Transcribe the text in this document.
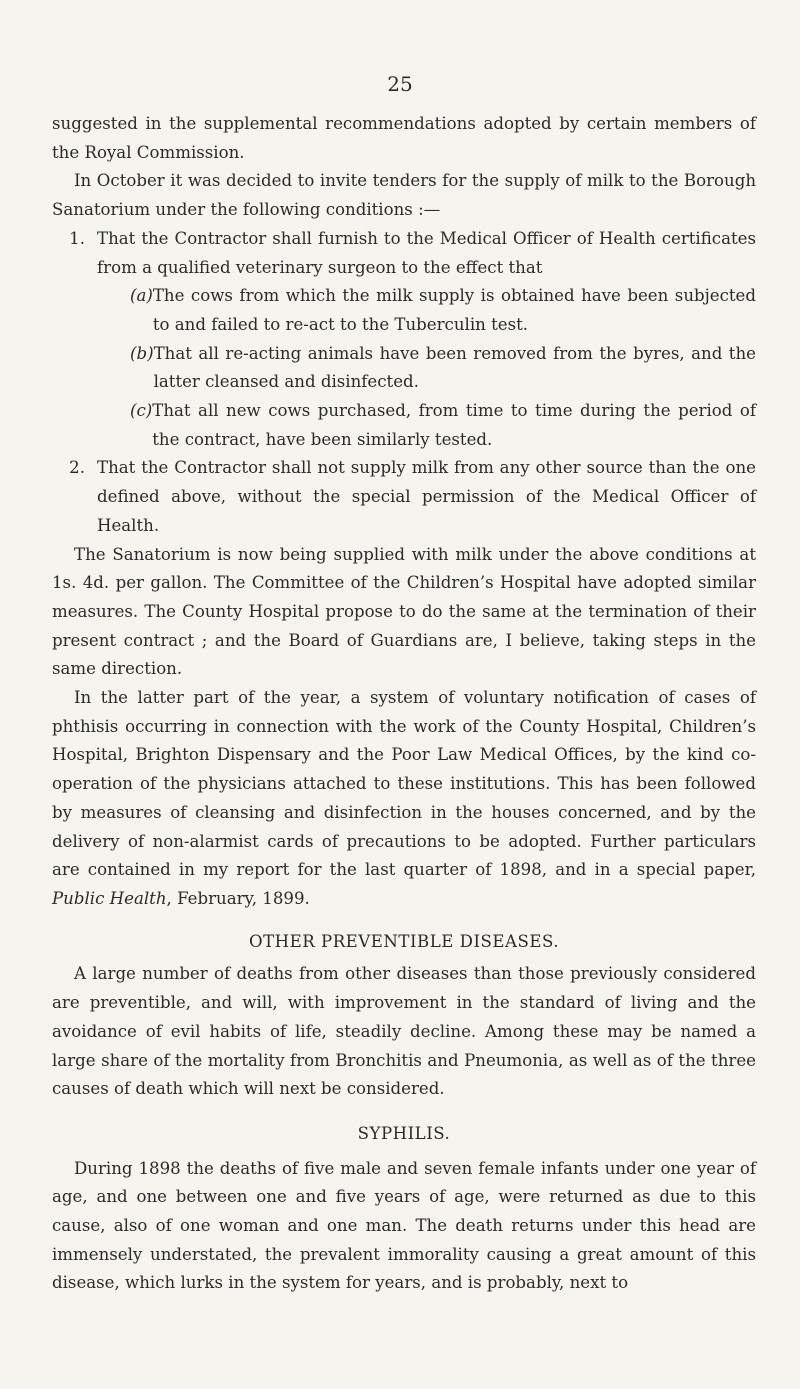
25

suggested in the supplemental recommendations adopted by certain members of the Royal Commission.

In October it was decided to invite tenders for the supply of milk to the Borough Sanatorium under the following conditions :—

1. That the Contractor shall furnish to the Medical Officer of Health certificates from a qualified veterinary surgeon to the effect that
(a) The cows from which the milk supply is obtained have been subjected to and failed to re-act to the Tuberculin test.
(b) That all re-acting animals have been removed from the byres, and the latter cleansed and disinfected.
(c) That all new cows purchased, from time to time during the period of the contract, have been similarly tested.
2. That the Contractor shall not supply milk from any other source than the one defined above, without the special permission of the Medical Officer of Health.

The Sanatorium is now being supplied with milk under the above conditions at 1s. 4d. per gallon. The Committee of the Children’s Hospital have adopted similar measures. The County Hospital propose to do the same at the termination of their present contract ; and the Board of Guardians are, I believe, taking steps in the same direction.

In the latter part of the year, a system of voluntary notification of cases of phthisis occurring in connection with the work of the County Hospital, Children’s Hospital, Brighton Dispensary and the Poor Law Medical Offices, by the kind co-operation of the physicians attached to these institutions. This has been followed by measures of cleansing and disinfection in the houses concerned, and by the delivery of non-alarmist cards of precautions to be adopted. Further particulars are contained in my report for the last quarter of 1898, and in a special paper, Public Health, February, 1899.

OTHER PREVENTIBLE DISEASES.

A large number of deaths from other diseases than those previously considered are preventible, and will, with improvement in the standard of living and the avoidance of evil habits of life, steadily decline. Among these may be named a large share of the mortality from Bronchitis and Pneumonia, as well as of the three causes of death which will next be considered.

SYPHILIS.

During 1898 the deaths of five male and seven female infants under one year of age, and one between one and five years of age, were returned as due to this cause, also of one woman and one man. The death returns under this head are immensely understated, the prevalent immorality causing a great amount of this disease, which lurks in the system for years, and is probably, next to
